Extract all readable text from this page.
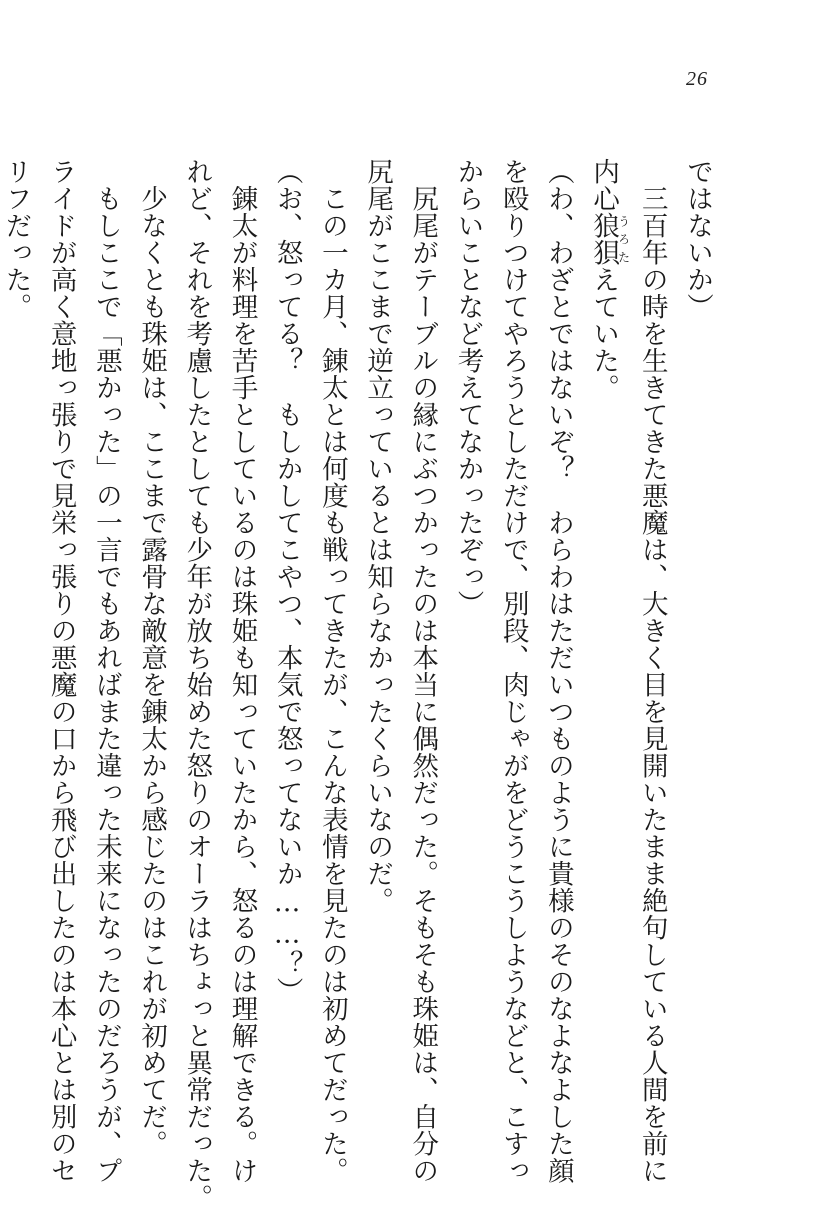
26
ではないか）
　三百年の時を生きてきた悪魔は、大きく目を見開いたまま絶句している人間を前に
内心狼狽うろたえていた。
（わ、わざとではないぞ？　わらわはただいつものように貴様のそのなよなよした顔
を殴りつけてやろうとしただけで、別段、肉じゃがをどうこうしようなどと、こすっ
からいことなど考えてなかったぞっ）
　尻尾がテーブルの縁にぶつかったのは本当に偶然だった。そもそも珠姫は、自分の
尻尾がここまで逆立っているとは知らなかったくらいなのだ。
　この一カ月、錬太とは何度も戦ってきたが、こんな表情を見たのは初めてだった。
（お、怒ってる？　もしかしてこやつ、本気で怒ってないか……？）
　錬太が料理を苦手としているのは珠姫も知っていたから、怒るのは理解できる。け
れど、それを考慮したとしても少年が放ち始めた怒りのオーラはちょっと異常だった。
　少なくとも珠姫は、ここまで露骨な敵意を錬太から感じたのはこれが初めてだ。
　もしここで「悪かった」の一言でもあればまた違った未来になったのだろうが、プ
ライドが高く意地っ張りで見栄っ張りの悪魔の口から飛び出したのは本心とは別のセ
リフだった。
